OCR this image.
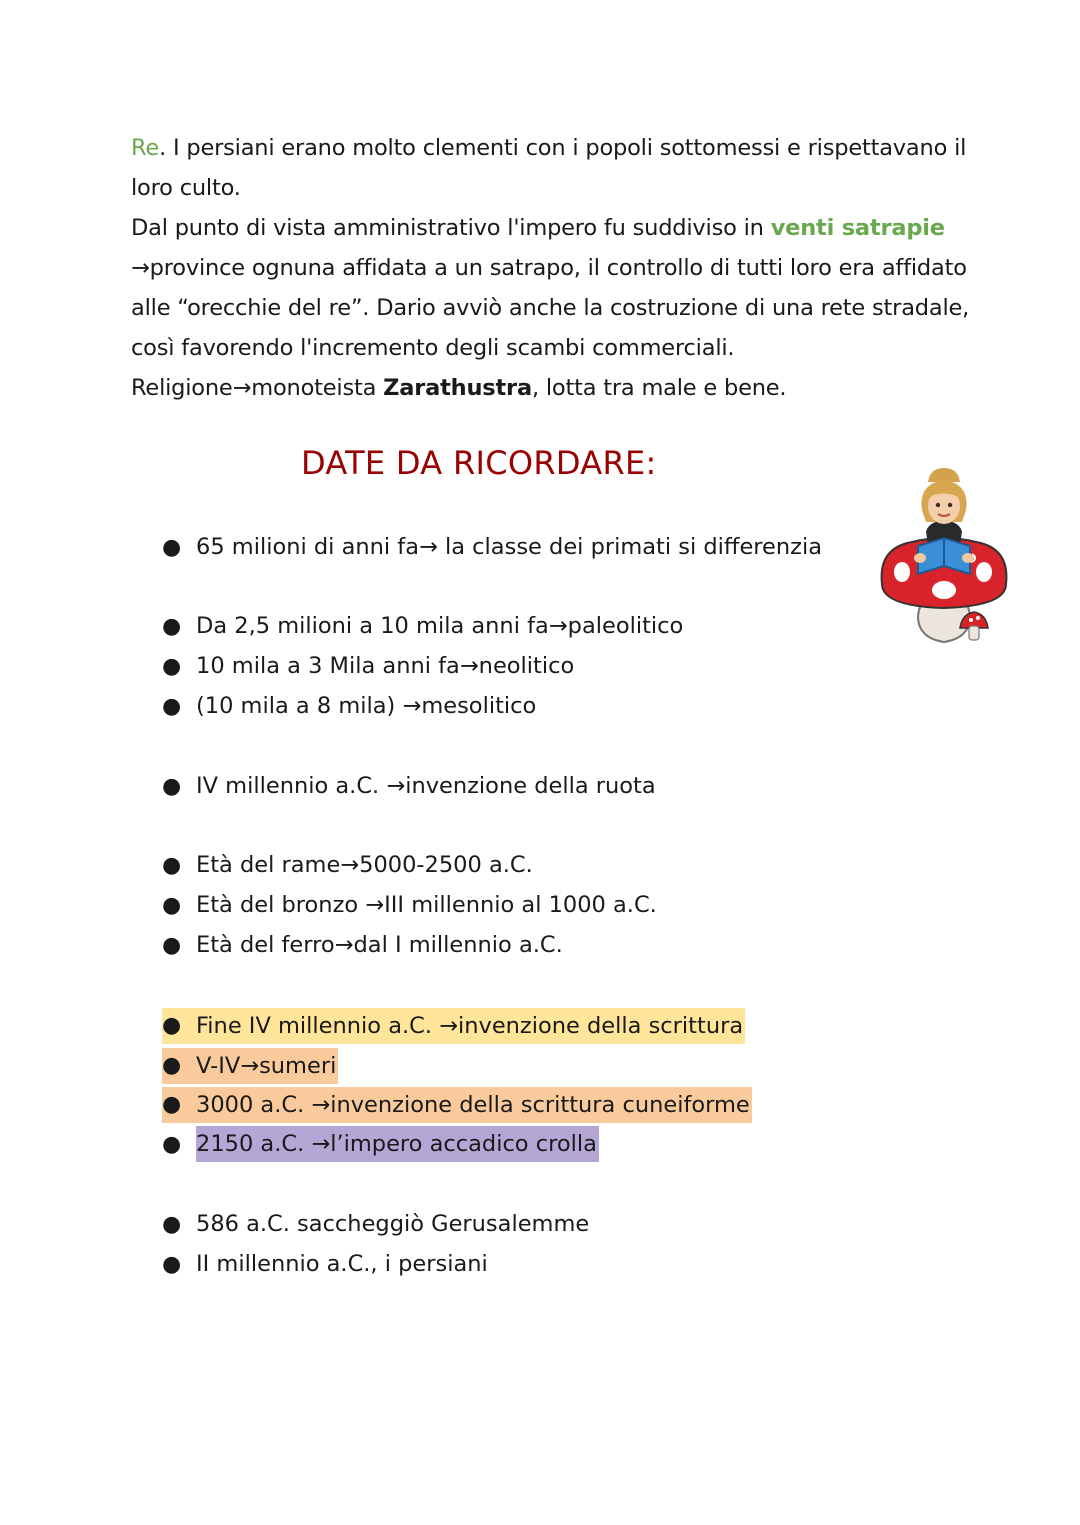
Re. I persiani erano molto clementi con i popoli sottomessi e rispettavano il loro culto.

Dal punto di vista amministrativo l'impero fu suddiviso in venti satrapie →province ognuna affidata a un satrapo, il controllo di tutti loro era affidato alle “orecchie del re”. Dario avviò anche la costruzione di una rete stradale, così favorendo l'incremento degli scambi commerciali.

Religione→monoteista Zarathustra, lotta tra male e bene.

DATE DA RICORDARE:
● 65 milioni di anni fa→ la classe dei primati si differenzia
● Da 2,5 milioni a 10 mila anni fa→paleolitico
● 10 mila a 3 Mila anni fa→neolitico
● (10 mila a 8 mila) →mesolitico
● IV millennio a.C. →invenzione della ruota
● Età del rame→5000-2500 a.C.
● Età del bronzo →III millennio al 1000 a.C.
● Età del ferro→dal I millennio a.C.
● Fine IV millennio a.C. →invenzione della scrittura
● V-IV→sumeri
● 3000 a.C. →invenzione della scrittura cuneiforme
● 2150 a.C. →l’impero accadico crolla
● 586 a.C. saccheggiò Gerusalemme
● II millennio a.C., i persiani
